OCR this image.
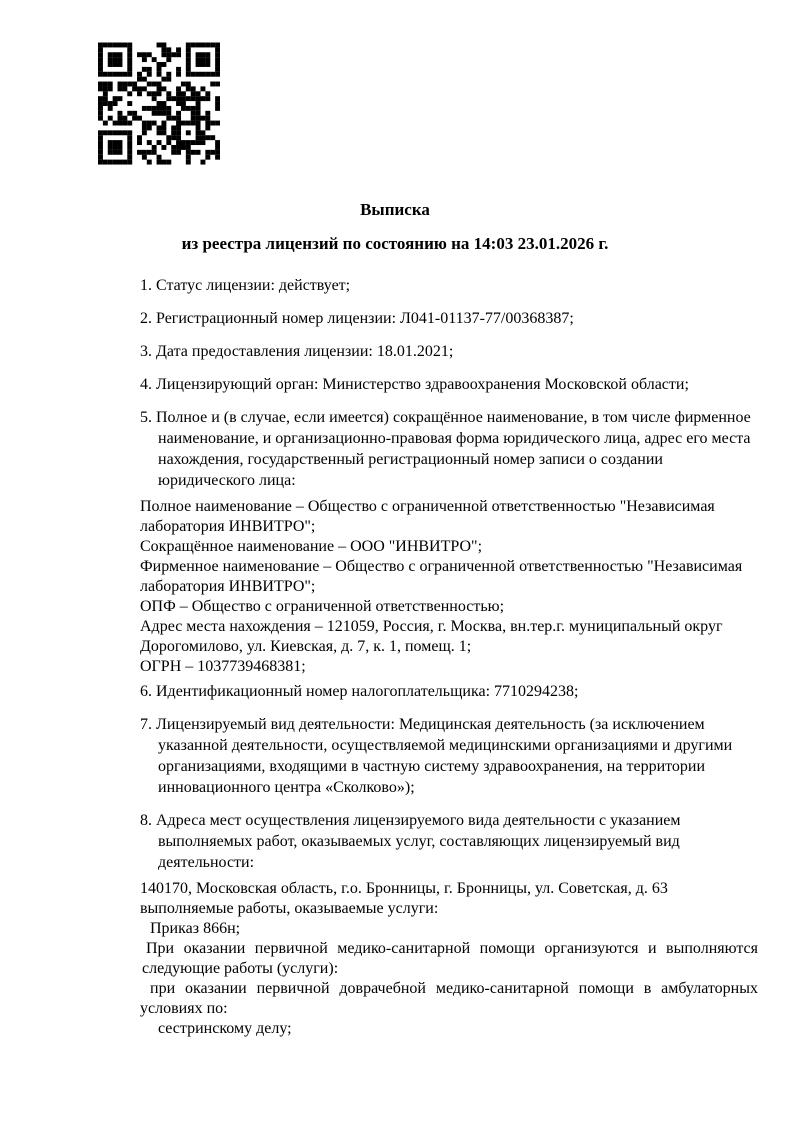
Выписка
из реестра лицензий по состоянию на 14:03 23.01.2026 г.

1. Статус лицензии: действует;

2. Регистрационный номер лицензии: Л041-01137-77/00368387;

3. Дата предоставления лицензии: 18.01.2021;

4. Лицензирующий орган: Министерство здравоохранения Московской области;

5. Полное и (в случае, если имеется) сокращённое наименование, в том числе фирменное наименование, и организационно-правовая форма юридического лица, адрес его места нахождения, государственный регистрационный номер записи о создании юридического лица:

Полное наименование – Общество с ограниченной ответственностью "Независимая лаборатория ИНВИТРО";

Сокращённое наименование – ООО "ИНВИТРО";

Фирменное наименование – Общество с ограниченной ответственностью "Независимая лаборатория ИНВИТРО";

ОПФ – Общество с ограниченной ответственностью;

Адрес места нахождения – 121059, Россия, г. Москва, вн.тер.г. муниципальный округ Дорогомилово, ул. Киевская, д. 7, к. 1, помещ. 1;

ОГРН – 1037739468381;

6. Идентификационный номер налогоплательщика: 7710294238;

7. Лицензируемый вид деятельности: Медицинская деятельность (за исключением указанной деятельности, осуществляемой медицинскими организациями и другими организациями, входящими в частную систему здравоохранения, на территории инновационного центра «Сколково»);

8. Адреса мест осуществления лицензируемого вида деятельности с указанием выполняемых работ, оказываемых услуг, составляющих лицензируемый вид деятельности:

140170, Московская область, г.о. Бронницы, г. Бронницы, ул. Советская, д. 63

выполняемые работы, оказываемые услуги:

Приказ 866н;

При оказании первичной медико-санитарной помощи организуются и выполняются

следующие работы (услуги):

при оказании первичной доврачебной медико-санитарной помощи в амбулаторных

условиях по:

сестринскому делу;
